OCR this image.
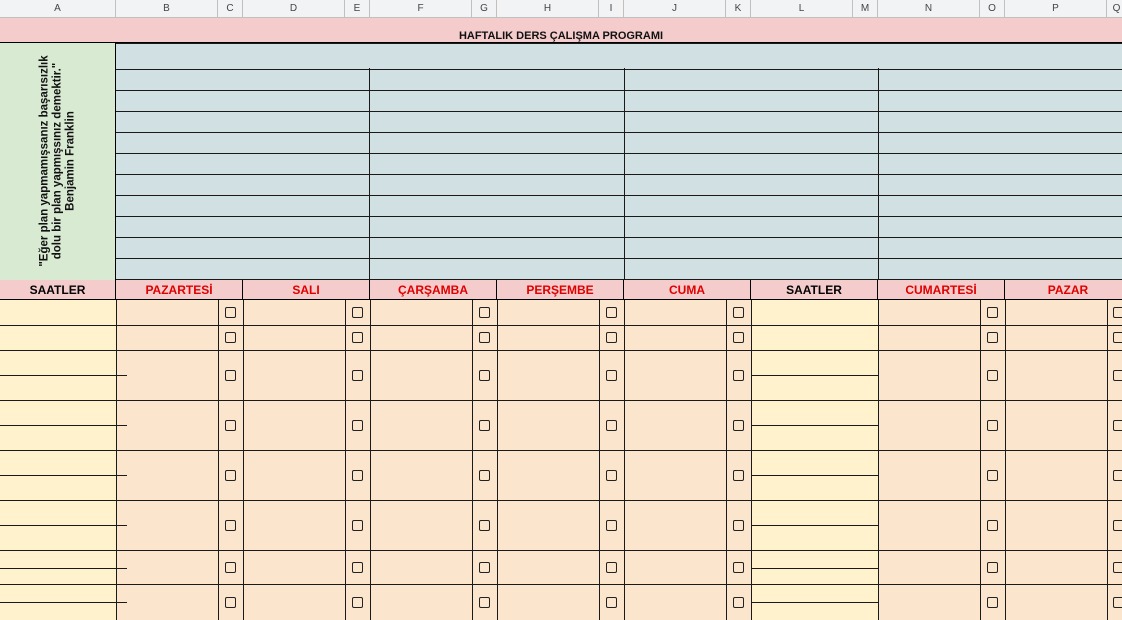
A	B	C	D	E	F	G	H	I	J	K	L	M	N	O	P	Q
HAFTALIK DERS ÇALIŞMA PROGRAMI
"Eğer plan yapmamışsanız başarısızlık dolu bir plan yapmışsınız demektir." Benjamin Franklin
SAATLER	PAZARTESİ	SALI	ÇARŞAMBA	PERŞEMBE	CUMA	SAATLER	CUMARTESİ	PAZAR
